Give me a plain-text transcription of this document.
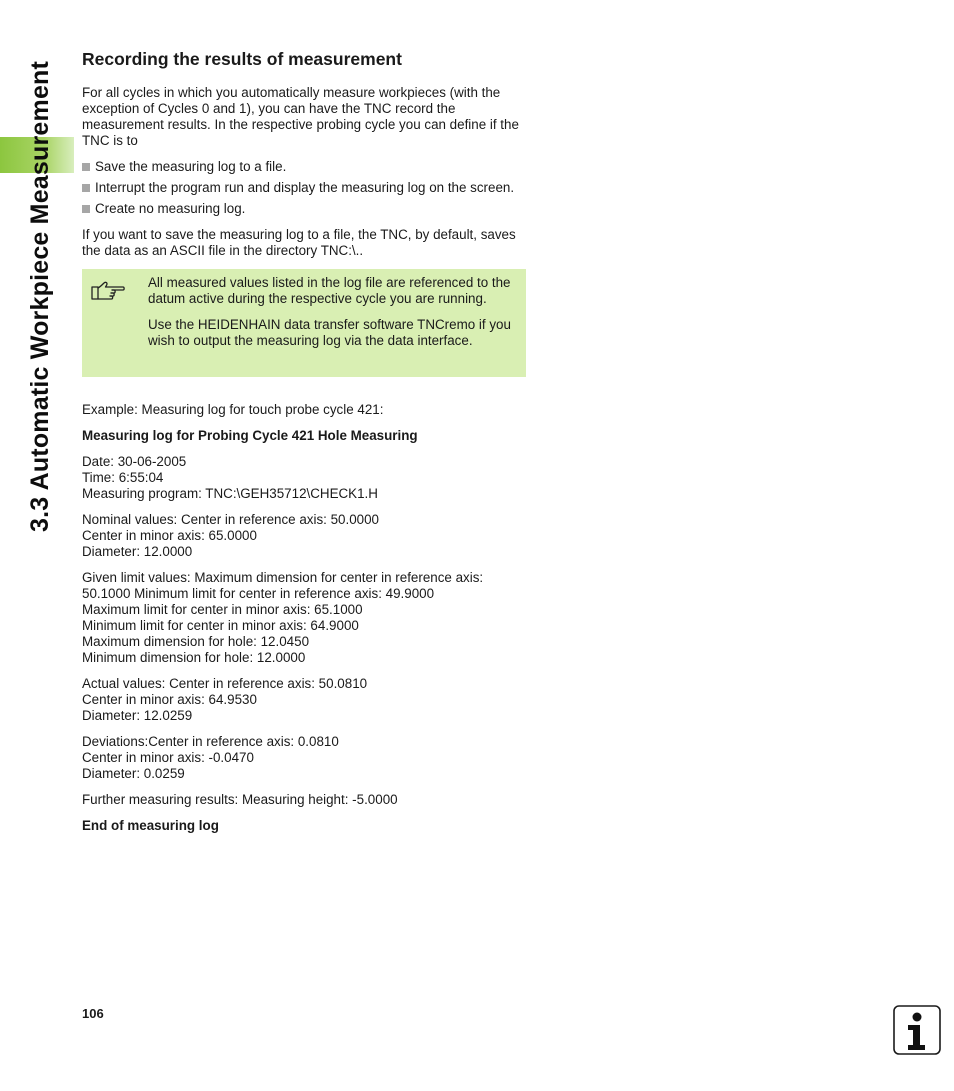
3.3 Automatic Workpiece Measurement
Recording the results of measurement

For all cycles in which you automatically measure workpieces (with the exception of Cycles 0 and 1), you can have the TNC record the measurement results. In the respective probing cycle you can define if the TNC is to

Save the measuring log to a file.
Interrupt the program run and display the measuring log on the screen.
Create no measuring log.

If you want to save the measuring log to a file, the TNC, by default, saves the data as an ASCII file in the directory TNC:\..

All measured values listed in the log file are referenced to the datum active during the respective cycle you are running.

Use the HEIDENHAIN data transfer software TNCremo if you wish to output the measuring log via the data interface.

Example: Measuring log for touch probe cycle 421:

Measuring log for Probing Cycle 421 Hole Measuring

Date: 30-06-2005
Time: 6:55:04
Measuring program: TNC:\GEH35712\CHECK1.H

Nominal values: Center in reference axis: 50.0000
Center in minor axis: 65.0000
Diameter: 12.0000

Given limit values: Maximum dimension for center in reference axis: 50.1000 Minimum limit for center in reference axis: 49.9000
Maximum limit for center in minor axis: 65.1000
Minimum limit for center in minor axis: 64.9000
Maximum dimension for hole: 12.0450
Minimum dimension for hole: 12.0000

Actual values: Center in reference axis: 50.0810
Center in minor axis: 64.9530
Diameter: 12.0259

Deviations:Center in reference axis: 0.0810
Center in minor axis: -0.0470
Diameter: 0.0259

Further measuring results: Measuring height: -5.0000

End of measuring log

106
